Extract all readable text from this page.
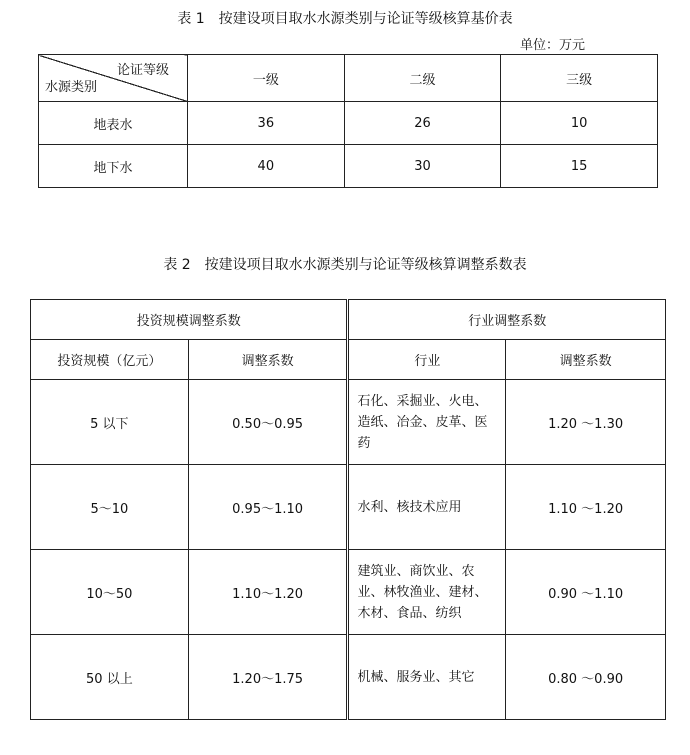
表 1　按建设项目取水水源类别与论证等级核算基价表
单位：万元
论证等级
水源类别	一级	二级	三级
地表水	36	26	10
地下水	40	30	15
表 2　按建设项目取水水源类别与论证等级核算调整系数表
投资规模调整系数		行业调整系数	
投资规模（亿元）	调整系数	行业	调整系数
5 以下	0.50～0.95	石化、采掘业、火电、造纸、冶金、皮革、医药	1.20 ～1.30
5～10	0.95～1.10	水利、核技术应用	1.10 ～1.20
10～50	1.10～1.20	建筑业、商饮业、农业、林牧渔业、建材、木材、食品、纺织	0.90 ～1.10
50 以上	1.20～1.75	机械、服务业、其它	0.80 ～0.90
